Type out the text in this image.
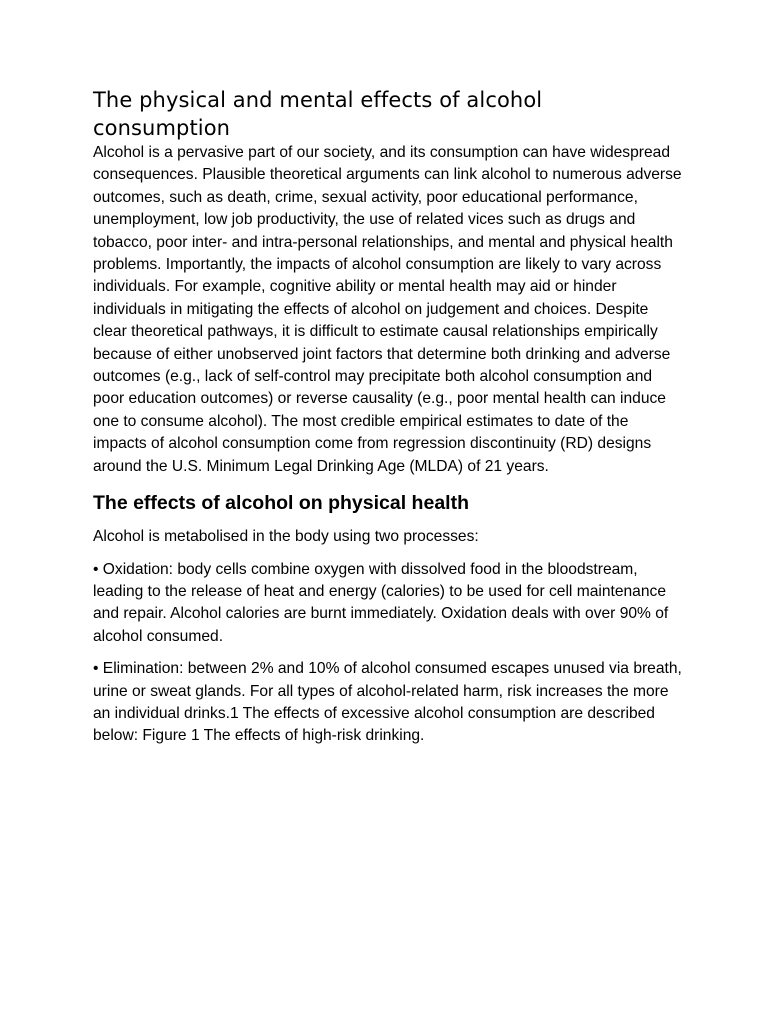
The physical and mental effects of alcohol consumption

Alcohol is a pervasive part of our society, and its consumption can have widespread consequences. Plausible theoretical arguments can link alcohol to numerous adverse outcomes, such as death, crime, sexual activity, poor educational performance, unemployment, low job productivity, the use of related vices such as drugs and tobacco, poor inter- and intra-personal relationships, and mental and physical health problems. Importantly, the impacts of alcohol consumption are likely to vary across individuals. For example, cognitive ability or mental health may aid or hinder individuals in mitigating the effects of alcohol on judgement and choices. Despite clear theoretical pathways, it is difficult to estimate causal relationships empirically because of either unobserved joint factors that determine both drinking and adverse outcomes (e.g., lack of self-control may precipitate both alcohol consumption and poor education outcomes) or reverse causality (e.g., poor mental health can induce one to consume alcohol). The most credible empirical estimates to date of the impacts of alcohol consumption come from regression discontinuity (RD) designs around the U.S. Minimum Legal Drinking Age (MLDA) of 21 years.

The effects of alcohol on physical health

Alcohol is metabolised in the body using two processes:

• Oxidation: body cells combine oxygen with dissolved food in the bloodstream, leading to the release of heat and energy (calories) to be used for cell maintenance and repair. Alcohol calories are burnt immediately. Oxidation deals with over 90% of alcohol consumed.

• Elimination: between 2% and 10% of alcohol consumed escapes unused via breath, urine or sweat glands. For all types of alcohol-related harm, risk increases the more an individual drinks.1 The effects of excessive alcohol consumption are described below: Figure 1 The effects of high-risk drinking.
